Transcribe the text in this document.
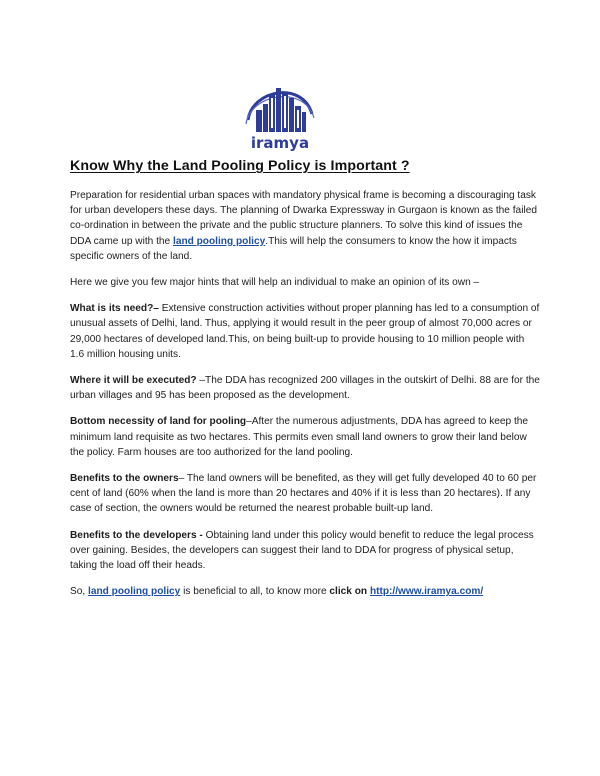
iramya
Know Why the Land Pooling Policy is Important ?

Preparation for residential urban spaces with mandatory physical frame is becoming a discouraging task for urban developers these days. The planning of Dwarka Expressway in Gurgaon is known as the failed co-ordination in between the private and the public structure planners. To solve this kind of issues the DDA came up with the land pooling policy.This will help the consumers to know the how it impacts specific owners of the land.

Here we give you few major hints that will help an individual to make an opinion of its own –

What is its need?– Extensive construction activities without proper planning has led to a consumption of unusual assets of Delhi, land. Thus, applying it would result in the peer group of almost 70,000 acres or 29,000 hectares of developed land.This, on being built-up to provide housing to 10 million people with 1.6 million housing units.

Where it will be executed? –The DDA has recognized 200 villages in the outskirt of Delhi. 88 are for the urban villages and 95 has been proposed as the development.

Bottom necessity of land for pooling–After the numerous adjustments, DDA has agreed to keep the minimum land requisite as two hectares. This permits even small land owners to grow their land below the policy. Farm houses are too authorized for the land pooling.

Benefits to the owners– The land owners will be benefited, as they will get fully developed 40 to 60 per cent of land (60% when the land is more than 20 hectares and 40% if it is less than 20 hectares). If any case of section, the owners would be returned the nearest probable built-up land.

Benefits to the developers - Obtaining land under this policy would benefit to reduce the legal process over gaining. Besides, the developers can suggest their land to DDA for progress of physical setup, taking the load off their heads.

So, land pooling policy is beneficial to all, to know more click on http://www.iramya.com/
